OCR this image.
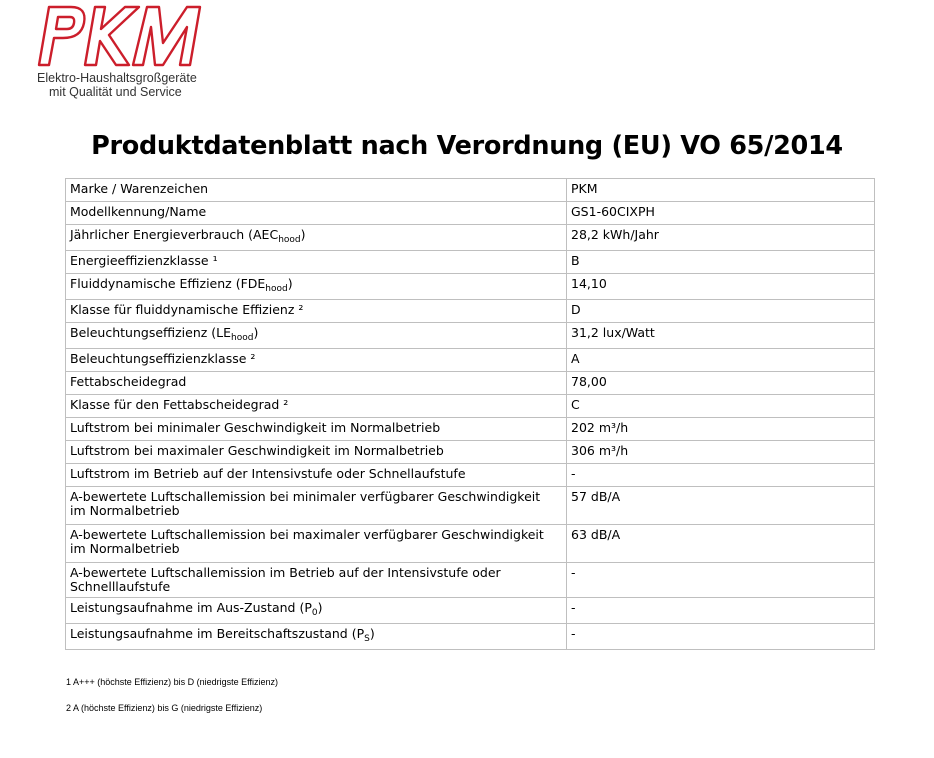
Elektro-Haushaltsgroßgeräte
mit Qualität und Service
Produktdatenblatt nach Verordnung (EU) VO 65/2014
Marke / Warenzeichen	PKM
Modellkennung/Name	GS1-60CIXPH
Jährlicher Energieverbrauch $(AEC_{hood})$	28,2 kWh/Jahr
Energieeffizienzklasse ¹	B
Fluiddynamische Effizienz $(FDE_{hood})$	14,10
Klasse für fluiddynamische Effizienz ²	D
Beleuchtungseffizienz $(LE_{hood})$	31,2 lux/Watt
Beleuchtungseffizienzklasse ²	A
Fettabscheidegrad	78,00
Klasse für den Fettabscheidegrad ²	C
Luftstrom bei minimaler Geschwindigkeit im Normalbetrieb	202 m³/h
Luftstrom bei maximaler Geschwindigkeit im Normalbetrieb	306 m³/h
Luftstrom im Betrieb auf der Intensivstufe oder Schnellaufstufe	-
A-bewertete Luftschallemission bei minimaler verfügbarer Geschwindigkeit
im Normalbetrieb	57 dB/A
A-bewertete Luftschallemission bei maximaler verfügbarer Geschwindigkeit
im Normalbetrieb	63 dB/A
A-bewertete Luftschallemission im Betrieb auf der Intensivstufe oder Schnelllaufstufe	-
Leistungsaufnahme im Aus-Zustand $(P_0)$	-
Leistungsaufnahme im Bereitschaftszustand $(P_S)$	-
1 A+++ (höchste Effizienz) bis D (niedrigste Effizienz)
2 A (höchste Effizienz) bis G (niedrigste Effizienz)
